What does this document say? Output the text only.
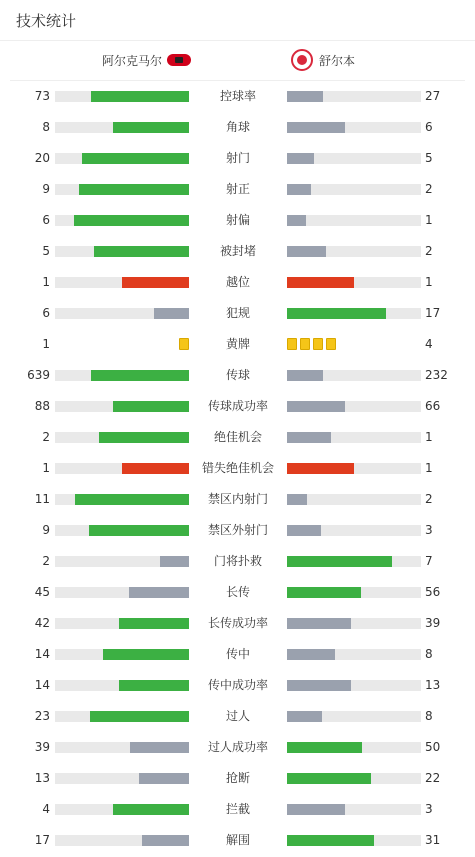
技术统计
阿尔克马尔	舒尔本
73	控球率	27
8	角球	6
20	射门	5
9	射正	2
6	射偏	1
5	被封堵	2
1	越位	1
6	犯规	17
1	黄牌	4
639	传球	232
88	传球成功率	66
2	绝佳机会	1
1	错失绝佳机会	1
11	禁区内射门	2
9	禁区外射门	3
2	门将扑救	7
45	长传	56
42	长传成功率	39
14	传中	8
14	传中成功率	13
23	过人	8
39	过人成功率	50
13	抢断	22
4	拦截	3
17	解围	31
